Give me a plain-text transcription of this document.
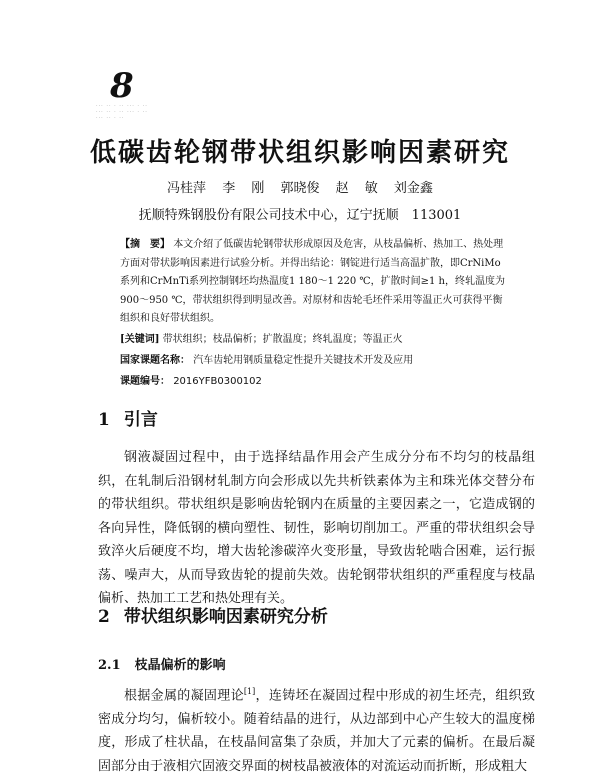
8
··· ·· · ·· ··· · ·· ··· ·· · ·· ··· · ·· ··· ·· · ··
低碳齿轮钢带状组织影响因素研究
冯桂萍 李 刚 郭晓俊 赵 敏 刘金鑫
抚顺特殊钢股份有限公司技术中心，辽宁抚顺　113001
【摘　要】 本文介绍了低碳齿轮钢带状形成原因及危害，从枝晶偏析、热加工、热处理方面对带状影响因素进行试验分析。并得出结论：钢锭进行适当高温扩散，即CrNiMo系列和CrMnTi系列控制钢坯均热温度1 180～1 220 ℃，扩散时间≥1 h，终轧温度为900～950 ℃，带状组织得到明显改善。对原材和齿轮毛坯件采用等温正火可获得平衡组织和良好带状组织。
[关键词] 带状组织；枝晶偏析；扩散温度；终轧温度；等温正火
国家课题名称： 汽车齿轮用钢质量稳定性提升关键技术开发及应用
课题编号： 2016YFB0300102
1 引言
钢液凝固过程中，由于选择结晶作用会产生成分分布不均匀的枝晶组织，在轧制后沿钢材轧制方向会形成以先共析铁素体为主和珠光体交替分布的带状组织。带状组织是影响齿轮钢内在质量的主要因素之一，它造成钢的各向异性，降低钢的横向塑性、韧性，影响切削加工。严重的带状组织会导致淬火后硬度不均，增大齿轮渗碳淬火变形量，导致齿轮啮合困难，运行振荡、噪声大，从而导致齿轮的提前失效。齿轮钢带状组织的严重程度与枝晶偏析、热加工工艺和热处理有关。
2 带状组织影响因素研究分析
2.1 枝晶偏析的影响
根据金属的凝固理论[1]，连铸坯在凝固过程中形成的初生坯壳，组织致密成分均匀，偏析较小。随着结晶的进行，从边部到中心产生较大的温度梯度，形成了柱状晶，在枝晶间富集了杂质，并加大了元素的偏析。在最后凝固部分由于液相穴固液交界面的树枝晶被液体的对流运动而折断，形成粗大
